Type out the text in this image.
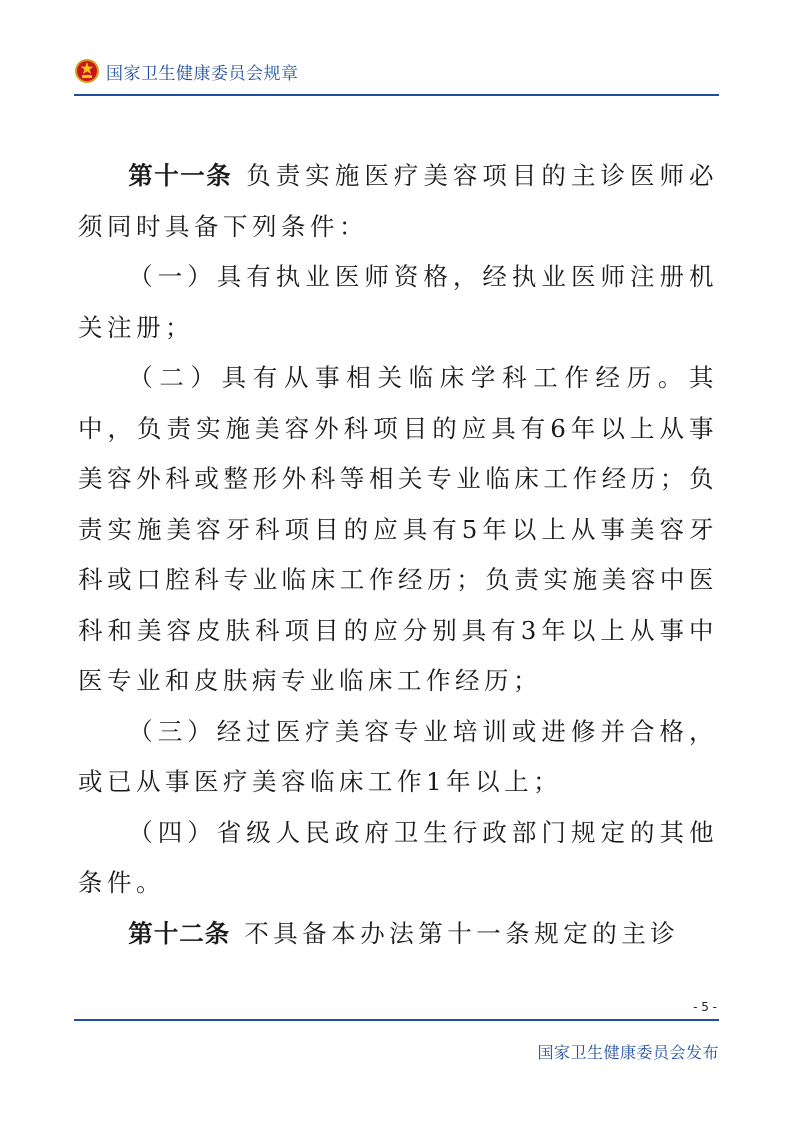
国家卫生健康委员会规章

第十一条 负责实施医疗美容项目的主诊医师必须同时具备下列条件：

（一）具有执业医师资格，经执业医师注册机关注册；

（二）具有从事相关临床学科工作经历。其中，负责实施美容外科项目的应具有6年以上从事美容外科或整形外科等相关专业临床工作经历；负责实施美容牙科项目的应具有5年以上从事美容牙科或口腔科专业临床工作经历；负责实施美容中医科和美容皮肤科项目的应分别具有3年以上从事中医专业和皮肤病专业临床工作经历；

（三）经过医疗美容专业培训或进修并合格，或已从事医疗美容临床工作1年以上；

（四）省级人民政府卫生行政部门规定的其他条件。

第十二条 不具备本办法第十一条规定的主诊

- 5 -
国家卫生健康委员会发布
